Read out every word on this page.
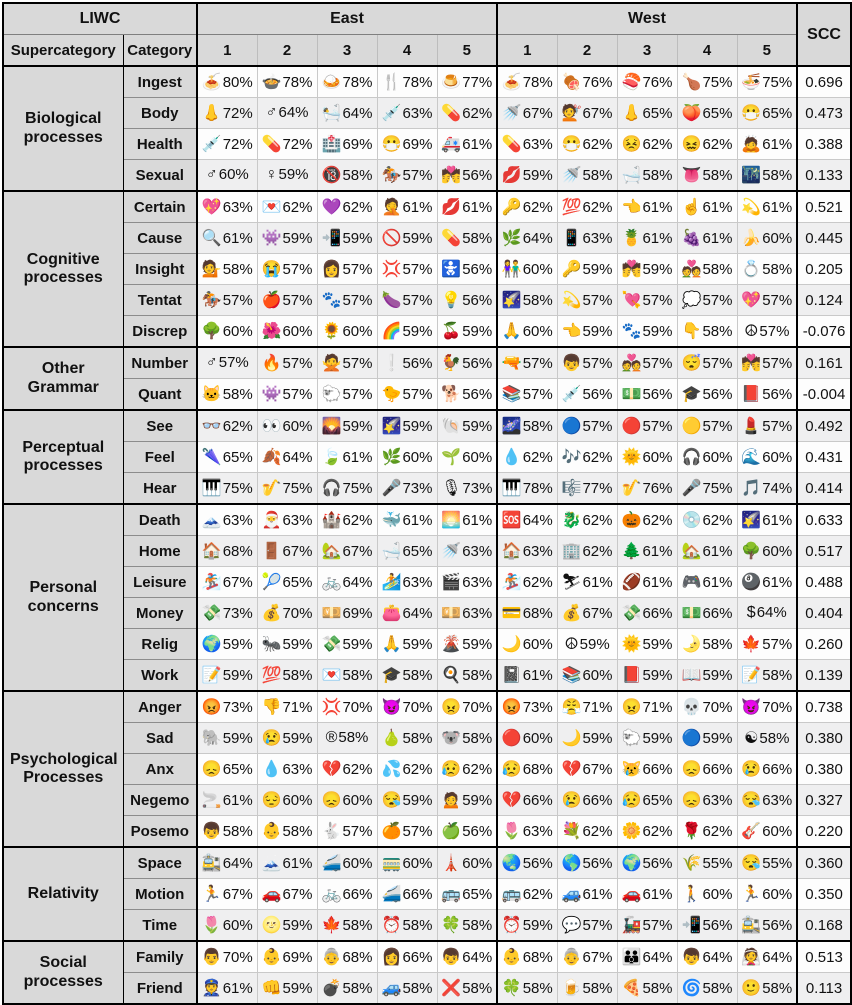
LIWC		East					West					SCC
Supercategory	Category	1	2	3	4	5	1	2	3	4	5	
Biological processes	Ingest	🍝80%	🍲78%	🍛78%	🍴78%	🍮77%	🍝78%	🍖76%	🍣76%	🍗75%	🍜75%	0.696
	Body	👃72%	♂64%	🛀64%	💉63%	💊62%	🚿67%	💇67%	👃65%	🍑65%	😷65%	0.473
	Health	💉72%	💊72%	🏥69%	😷69%	🚑61%	💊63%	😷62%	😣62%	😖62%	🙇61%	0.388
	Sexual	♂60%	♀59%	🔞58%	🏇57%	💏56%	💋59%	🚿58%	🛁58%	👅58%	🌃58%	0.133
Cognitive processes	Certain	💖63%	💌62%	💜62%	🤦61%	💋61%	🔑62%	💯62%	👈61%	☝61%	💫61%	0.521
	Cause	🔍61%	👾59%	📲59%	🚫59%	💊58%	🌿64%	📱63%	🍍61%	🍇61%	🍌60%	0.445
	Insight	💁58%	😭57%	👩57%	💢57%	🚼56%	👫60%	🔑59%	💏59%	💑58%	💍58%	0.205
	Tentat	🏇57%	🍎57%	🐾57%	🍆57%	💡56%	🌠58%	💫57%	💘57%	💭57%	💖57%	0.124
	Discrep	🌳60%	🌺60%	🌻60%	🌈59%	🍒59%	🙏60%	👈59%	🐾59%	👇58%	☮57%	-0.076
Other Grammar	Number	♂57%	🔥57%	🙅57%	❕56%	🐓56%	🔫57%	👦57%	💑57%	😴57%	💏57%	0.161
	Quant	🐱58%	👾57%	🐑57%	🐤57%	🐕56%	📚57%	💉56%	💵56%	🎓56%	📕56%	-0.004
Perceptual processes	See	👓62%	👀60%	🌄59%	🌠59%	🐚59%	🌌58%	🔵57%	🔴57%	🟡57%	💄57%	0.492
	Feel	🌂65%	🍂64%	🍃61%	🌿60%	🌱60%	💧62%	🎶62%	🌞60%	🎧60%	🌊60%	0.431
	Hear	🎹75%	🎷75%	🎧75%	🎤73%	🎙73%	🎹78%	🎼77%	🎷76%	🎤75%	🎵74%	0.414
Personal concerns	Death	🗻63%	🎅63%	🏰62%	🐳61%	🌅61%	🆘64%	🐉62%	🎃62%	💿62%	🌠61%	0.633
	Home	🏠68%	🚪67%	🏡67%	🛁65%	🚿63%	🏠63%	🏢62%	🌲61%	🏡61%	🌳60%	0.517
	Leisure	🏂67%	🎾65%	🚲64%	🏄63%	🎬63%	🏂62%	⛷61%	🏈61%	🎮61%	🎱61%	0.488
	Money	💸73%	💰70%	💴69%	👛64%	💴63%	💳68%	💰67%	💸66%	💵66%	$64%	0.404
	Relig	🌍59%	🐜59%	💸59%	🙏59%	🌋59%	🌙60%	☮59%	🌞59%	🌛58%	🍁57%	0.260
	Work	📝59%	💯58%	💌58%	🎓58%	🍳58%	📓61%	📚60%	📕59%	📖59%	📝58%	0.139
Psychological Processes	Anger	😡73%	👎71%	💢70%	😈70%	😠70%	😡73%	😤71%	😠71%	💀70%	😈70%	0.738
	Sad	🐘59%	😢59%	®58%	🍐58%	🐨58%	🔴60%	🌙59%	🐑59%	🔵59%	☯58%	0.380
	Anx	😞65%	💧63%	💔62%	💦62%	😥62%	😥68%	💔67%	😿66%	😞66%	😢66%	0.380
	Negemo	🚬61%	😔60%	😞60%	😪59%	🙍59%	💔66%	😢66%	😥65%	😞63%	😪63%	0.327
	Posemo	👦58%	👶58%	🐇57%	🍊57%	🍏56%	🌷63%	💐62%	🌼62%	🌹62%	🎸60%	0.220
Relativity	Space	🚉64%	🗻61%	🚄60%	🚃60%	🗼60%	🌏56%	🌎56%	🌍56%	🌾55%	😪55%	0.360
	Motion	🏃67%	🚗67%	🚲66%	🚄66%	🚌65%	🚌62%	🚙61%	🚗61%	🚶60%	🏃60%	0.350
	Time	🌷60%	🌝59%	🍁58%	⏰58%	🍀58%	⏰59%	💬57%	🚂57%	📲56%	🚉56%	0.168
Social processes	Family	👨70%	👶69%	👵68%	👩66%	👦64%	👶68%	👵67%	👪64%	👦64%	👰64%	0.513
	Friend	👮61%	👊59%	💣58%	🚙58%	❌58%	🍀58%	🍺58%	🍕58%	🌀58%	🙂58%	0.113
